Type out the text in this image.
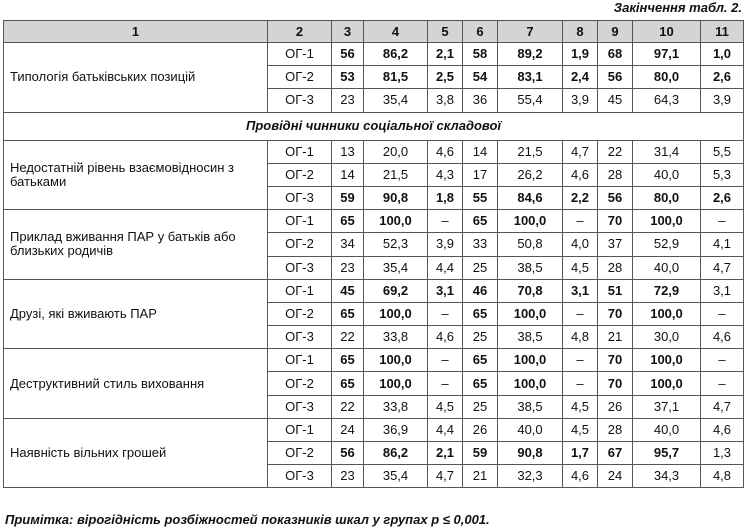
Закінчення табл. 2.
1	2	3	4	5	6	7	8	9	10	11
Типологія батьківських позицій	ОГ-1	56	86,2	2,1	58	89,2	1,9	68	97,1	1,0
	ОГ-2	53	81,5	2,5	54	83,1	2,4	56	80,0	2,6
	ОГ-3	23	35,4	3,8	36	55,4	3,9	45	64,3	3,9
Провідні чинники соціальної складової										
Недостатній рівень взаємовідносин з батьками	ОГ-1	13	20,0	4,6	14	21,5	4,7	22	31,4	5,5
	ОГ-2	14	21,5	4,3	17	26,2	4,6	28	40,0	5,3
	ОГ-3	59	90,8	1,8	55	84,6	2,2	56	80,0	2,6
Приклад вживання ПАР у батьків або близьких родичів	ОГ-1	65	100,0	–	65	100,0	–	70	100,0	–
	ОГ-2	34	52,3	3,9	33	50,8	4,0	37	52,9	4,1
	ОГ-3	23	35,4	4,4	25	38,5	4,5	28	40,0	4,7
Друзі, які вживають ПАР	ОГ-1	45	69,2	3,1	46	70,8	3,1	51	72,9	3,1
	ОГ-2	65	100,0	–	65	100,0	–	70	100,0	–
	ОГ-3	22	33,8	4,6	25	38,5	4,8	21	30,0	4,6
Деструктивний стиль виховання	ОГ-1	65	100,0	–	65	100,0	–	70	100,0	–
	ОГ-2	65	100,0	–	65	100,0	–	70	100,0	–
	ОГ-3	22	33,8	4,5	25	38,5	4,5	26	37,1	4,7
Наявність вільних грошей	ОГ-1	24	36,9	4,4	26	40,0	4,5	28	40,0	4,6
	ОГ-2	56	86,2	2,1	59	90,8	1,7	67	95,7	1,3
	ОГ-3	23	35,4	4,7	21	32,3	4,6	24	34,3	4,8
Примітка: вірогідність розбіжностей показників шкал у групах p ≤ 0,001.
